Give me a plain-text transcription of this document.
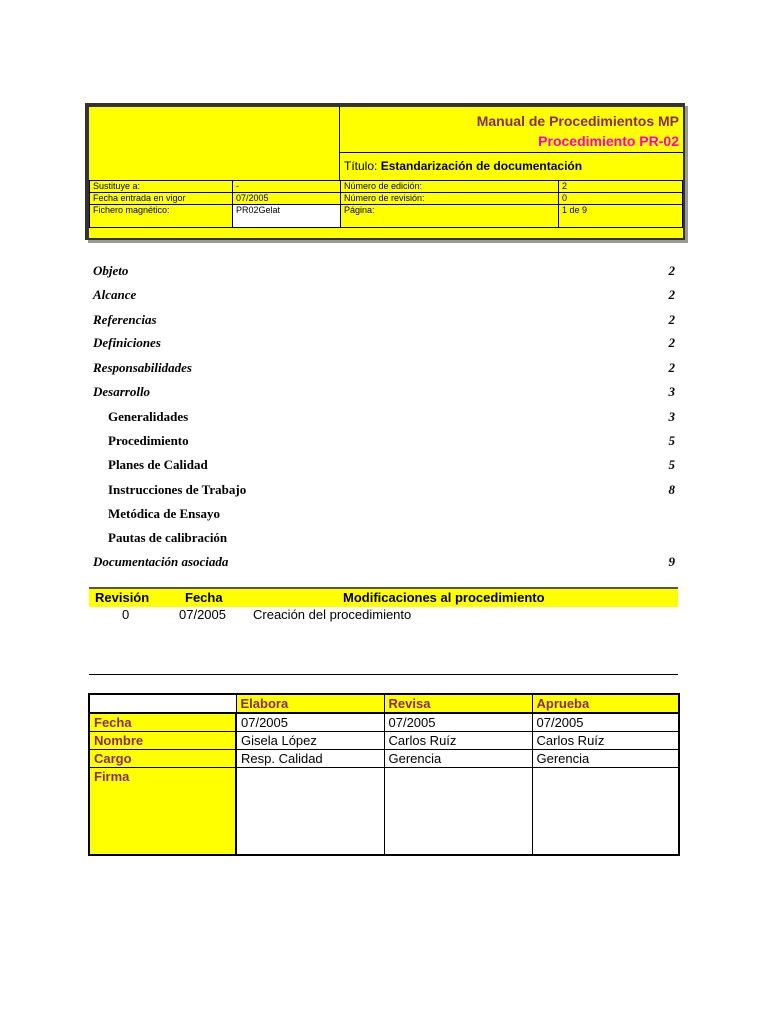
Manual de Procedimientos MP
Procedimiento PR-02
Título: Estandarización de documentación
Sustituye a:	-	Número de edición:	2
Fecha entrada en vigor	07/2005	Número de revisión:	0
Fichero magnético:	PR02Gelat	Página:	1 de 9
Objeto	2
Alcance	2
Referencias	2
Definiciones	2
Responsabilidades	2
Desarrollo	3
Generalidades	3
Procedimiento	5
Planes de Calidad	5
Instrucciones de Trabajo	8
Metódica de Ensayo
Pautas de calibración
Documentación asociada	9
Revisión	Fecha	Modificaciones al procedimiento
0	07/2005 Creación del procedimiento
	Elabora	Revisa	Aprueba
Fecha	07/2005	07/2005	07/2005
Nombre	Gisela López	Carlos Ruíz	Carlos Ruíz
Cargo	Resp. Calidad	Gerencia	Gerencia
Firma			
